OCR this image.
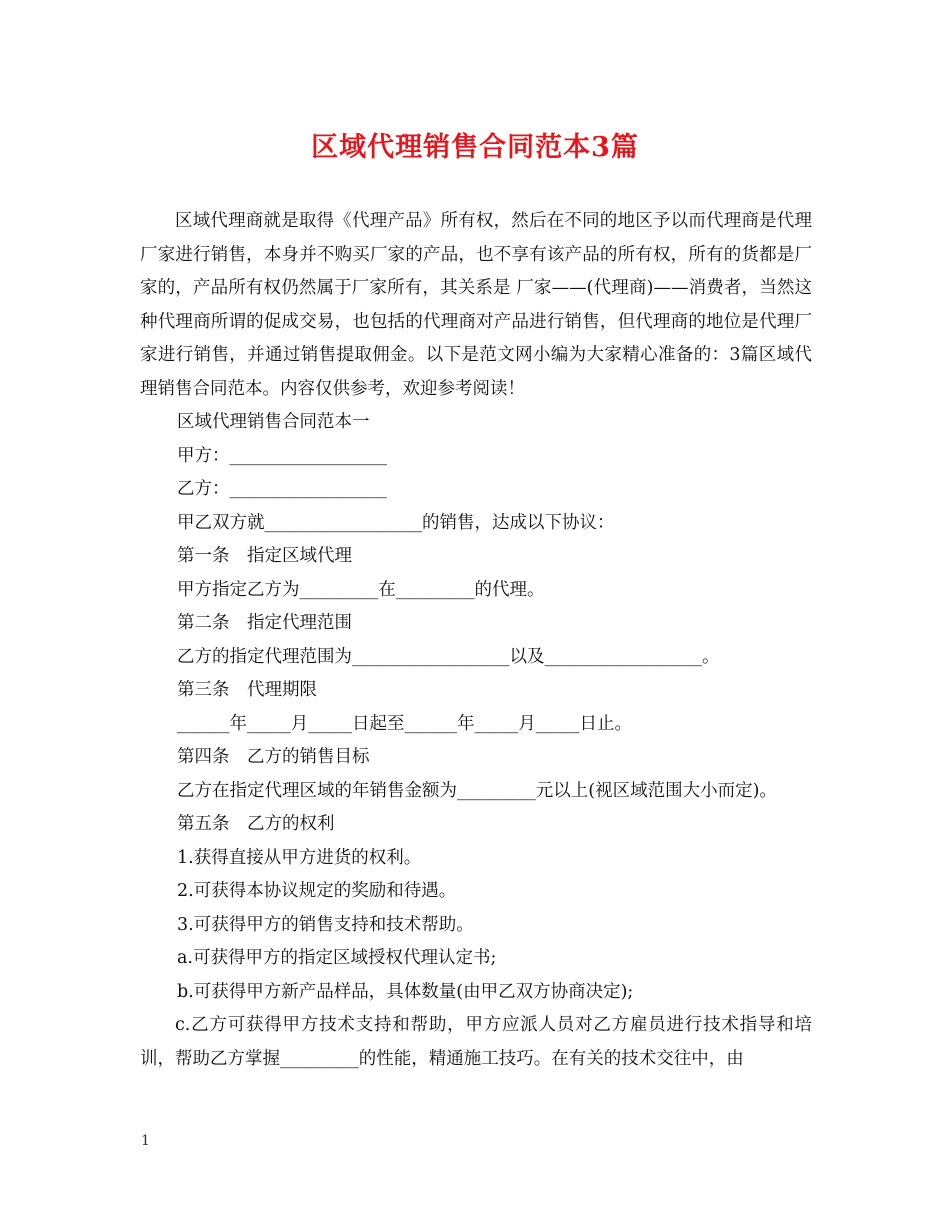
区域代理销售合同范本3篇

区域代理商就是取得《代理产品》所有权，然后在不同的地区予以而代理商是代理厂家进行销售，本身并不购买厂家的产品，也不享有该产品的所有权，所有的货都是厂家的，产品所有权仍然属于厂家所有，其关系是 厂家——(代理商)——消费者，当然这种代理商所谓的促成交易，也包括的代理商对产品进行销售，但代理商的地位是代理厂家进行销售，并通过销售提取佣金。以下是范文网小编为大家精心准备的：3篇区域代理销售合同范本。内容仅供参考，欢迎参考阅读！

区域代理销售合同范本一

甲方：__________________

乙方：__________________

甲乙双方就__________________的销售，达成以下协议：

第一条　指定区域代理

甲方指定乙方为_________在_________的代理。

第二条　指定代理范围

乙方的指定代理范围为__________________以及__________________。

第三条　代理期限

______年_____月_____日起至______年_____月_____日止。

第四条　乙方的销售目标

乙方在指定代理区域的年销售金额为_________元以上(视区域范围大小而定)。

第五条　乙方的权利

1.获得直接从甲方进货的权利。

2.可获得本协议规定的奖励和待遇。

3.可获得甲方的销售支持和技术帮助。

a.可获得甲方的指定区域授权代理认定书;

b.可获得甲方新产品样品，具体数量(由甲乙双方协商决定);

c.乙方可获得甲方技术支持和帮助，甲方应派人员对乙方雇员进行技术指导和培训，帮助乙方掌握_________的性能，精通施工技巧。在有关的技术交往中，由

1
